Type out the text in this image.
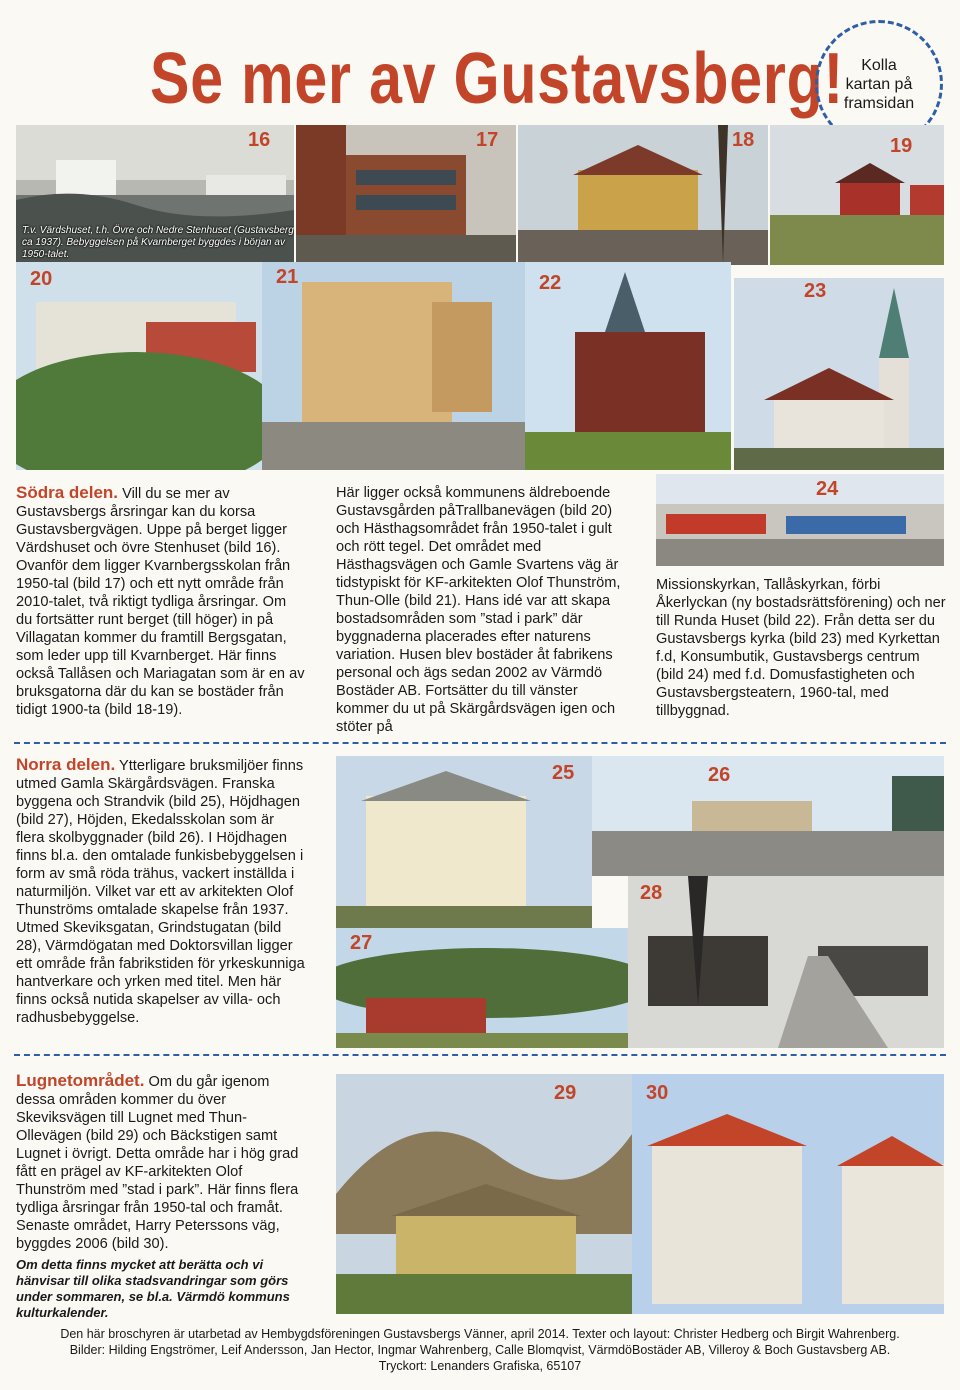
Se mer av Gustavsberg!	Kolla kartan på framsidan
16
T.v. Värdshuset, t.h. Övre och Nedre Stenhuset (Gustavsberg ca 1937). Bebyggelsen på Kvarnberget byggdes i början av 1950-talet.
17	18	19
20	21	22	23
Södra delen. Vill du se mer av Gustavsbergs årsringar kan du korsa Gustavsbergvägen. Uppe på berget ligger Värdshuset och övre Stenhuset (bild 16). Ovanför dem ligger Kvarnbergsskolan från 1950-tal (bild 17) och ett nytt område från 2010-talet, två riktigt tydliga årsringar. Om du fortsätter runt berget (till höger) in på Villagatan kommer du framtill Bergsgatan, som leder upp till Kvarnberget. Här finns också Tallåsen och Mariagatan som är en av bruksgatorna där du kan se bostäder från tidigt 1900-ta (bild 18-19).
Här ligger också kommunens äldreboende Gustavsgården påTrallbanevägen (bild 20) och Hästhagsområdet från 1950-talet i gult och rött tegel. Det området med Hästhagsvägen och Gamle Svartens väg är tidstypiskt för KF-arkitekten Olof Thunström, Thun-Olle (bild 21). Hans idé var att skapa bostadsområden som ”stad i park” där byggnaderna placerades efter naturens variation. Husen blev bostäder åt fabrikens personal och ägs sedan 2002 av Värmdö Bostäder AB. Fortsätter du till vänster kommer du ut på Skärgårdsvägen igen och stöter på
24
Missionskyrkan, Tallåskyrkan, förbi Åkerlyckan (ny bostadsrättsförening) och ner till Runda Huset (bild 22). Från detta ser du Gustavsbergs kyrka (bild 23) med Kyrkettan f.d, Konsumbutik, Gustavsbergs centrum (bild 24) med f.d. Domusfastigheten och Gustavsbergsteatern, 1960-tal, med tillbyggnad.
Norra delen. Ytterligare bruksmiljöer finns utmed Gamla Skärgårdsvägen. Franska byggena och Strandvik (bild 25), Höjdhagen (bild 27), Höjden, Ekedalsskolan som är flera skolbyggnader (bild 26). I Höjdhagen finns bl.a. den omtalade funkisbebyggelsen i form av små röda trähus, vackert inställda i naturmiljön. Vilket var ett av arkitekten Olof Thunströms omtalade skapelse från 1937. Utmed Skeviksgatan, Grindstugatan (bild 28), Värmdögatan med Doktorsvillan ligger ett område från fabrikstiden för yrkeskunniga hantverkare och yrken med titel. Men här finns också nutida skapelser av villa- och radhusbebyggelse.
25	26
27
28
Lugnetområdet. Om du går igenom dessa områden kommer du över Skeviksvägen till Lugnet med Thun-Ollevägen (bild 29) och Bäckstigen samt Lugnet i övrigt. Detta område har i hög grad fått en prägel av KF-arkitekten Olof Thunström med ”stad i park”. Här finns flera tydliga årsringar från 1950-tal och framåt. Senaste området, Harry Peterssons väg, byggdes 2006 (bild 30).
Om detta finns mycket att berätta och vi hänvisar till olika stadsvandringar som görs under sommaren, se bl.a. Värmdö kommuns kulturkalender.
29	30
Den här broschyren är utarbetad av Hembygdsföreningen Gustavsbergs Vänner, april 2014. Texter och layout: Christer Hedberg och Birgit Wahrenberg.
Bilder: Hilding Engströmer, Leif Andersson, Jan Hector, Ingmar Wahrenberg, Calle Blomqvist, VärmdöBostäder AB, Villeroy & Boch Gustavsberg AB.
Tryckort: Lenanders Grafiska, 65107
